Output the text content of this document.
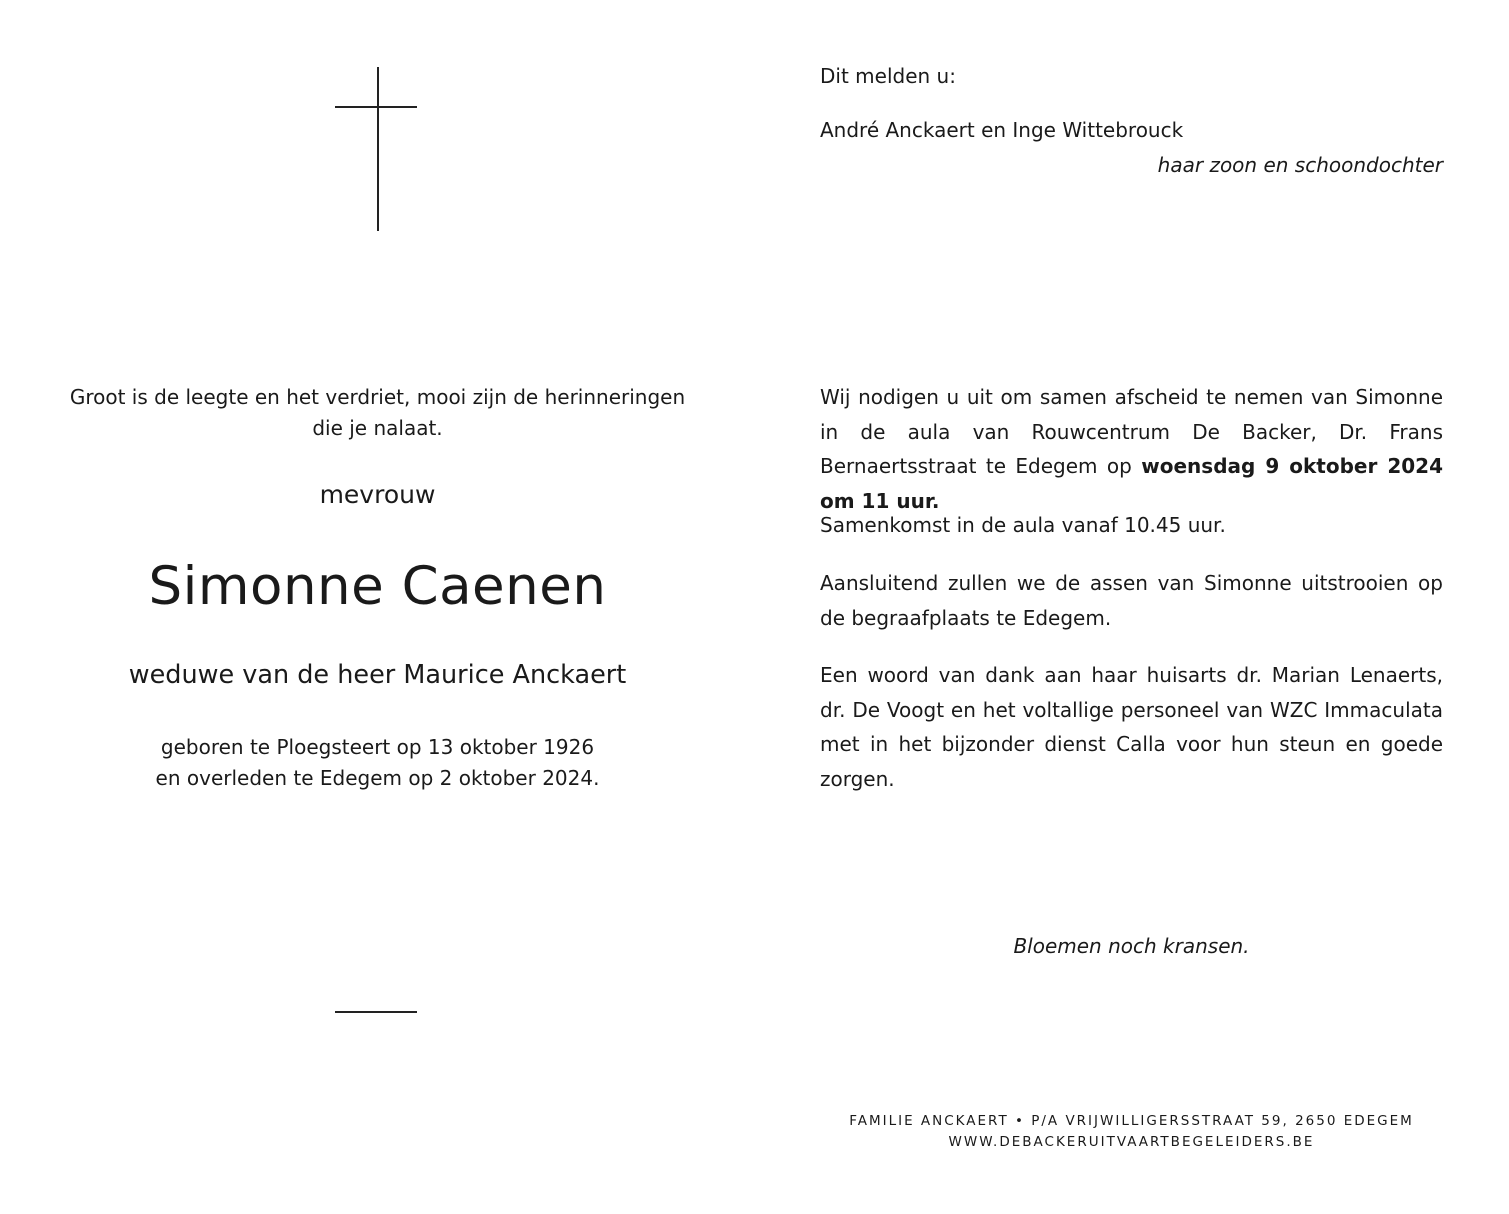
Groot is de leegte en het verdriet, mooi zijn de herinneringen
die je nalaat.
mevrouw
Simonne Caenen
weduwe van de heer Maurice Anckaert
geboren te Ploegsteert op 13 oktober 1926
en overleden te Edegem op 2 oktober 2024.
Dit melden u:
André Anckaert en Inge Wittebrouck
haar zoon en schoondochter

Wij nodigen u uit om samen afscheid te nemen van Simonne in de aula van Rouwcentrum De Backer, Dr. Frans Bernaertsstraat te Edegem op woensdag 9 oktober 2024 om 11 uur.

Samenkomst in de aula vanaf 10.45 uur.

Aansluitend zullen we de assen van Simonne uitstrooien op de begraafplaats te Edegem.

Een woord van dank aan haar huisarts dr. Marian Lenaerts, dr. De Voogt en het voltallige personeel van WZC Immaculata met in het bijzonder dienst Calla voor hun steun en goede zorgen.

Bloemen noch kransen.
FAMILIE ANCKAERT • P/A VRIJWILLIGERSSTRAAT 59, 2650 EDEGEM
WWW.DEBACKERUITVAARTBEGELEIDERS.BE
